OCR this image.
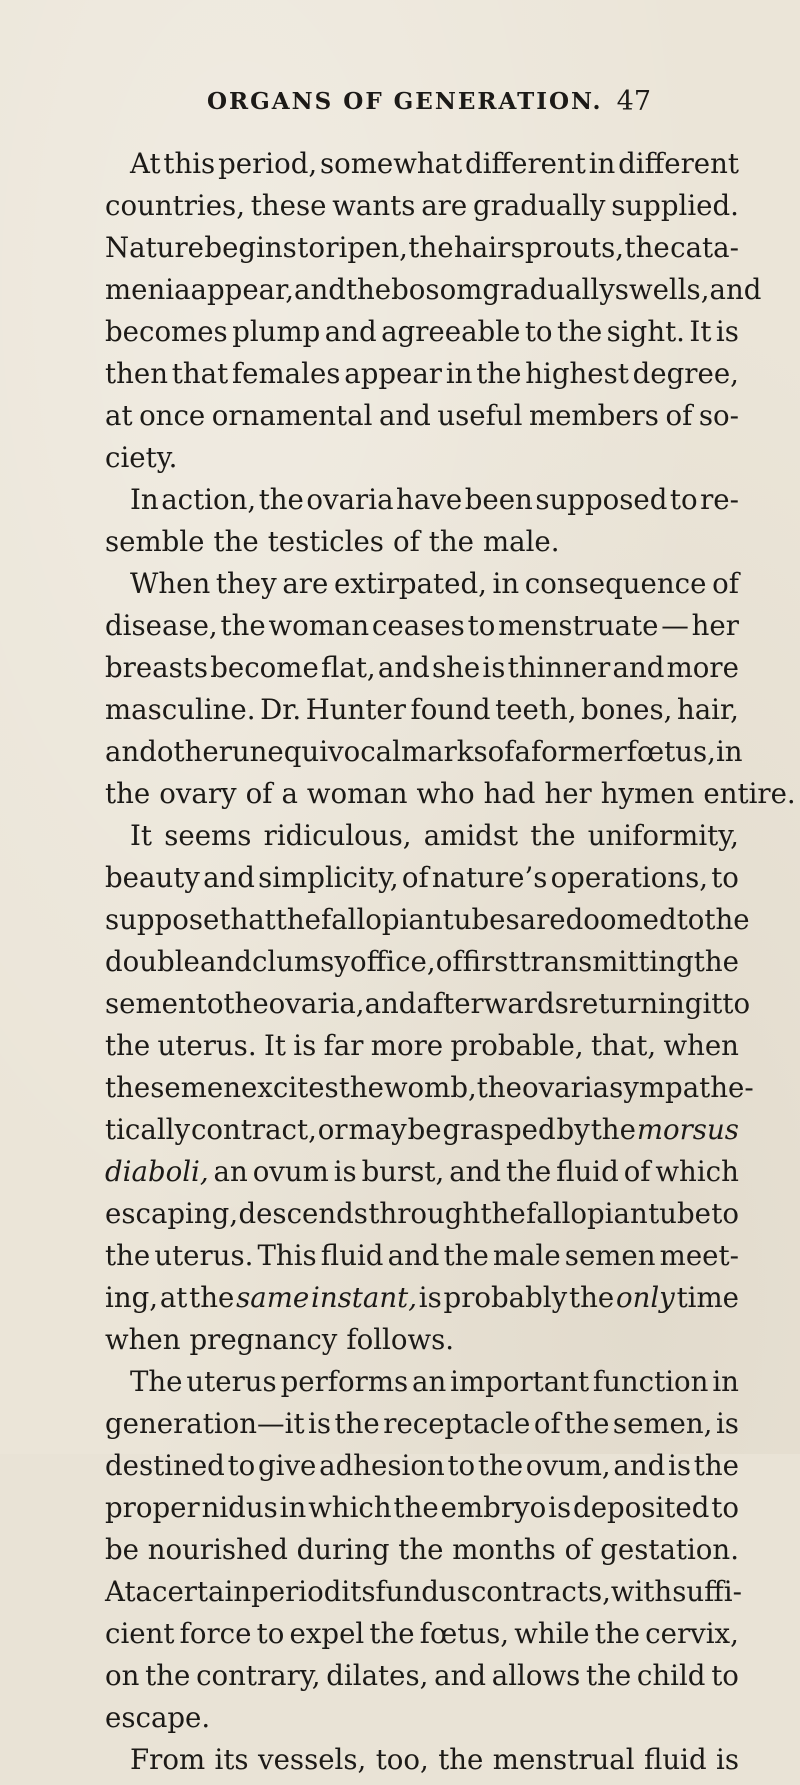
ORGANS OF GENERATION. 47
At this period, somewhat different in different
countries, these wants are gradually supplied.
Nature begins to ripen, the hair sprouts, the cata-
menia appear, and the bosom gradually swells, and
becomes plump and agreeable to the sight. It is
then that females appear in the highest degree,
at once ornamental and useful members of so-
ciety.
In action, the ovaria have been supposed to re-
semble the testicles of the male.
When they are extirpated, in consequence of
disease, the woman ceases to menstruate — her
breasts become flat, and she is thinner and more
masculine. Dr. Hunter found teeth, bones, hair,
and other unequivocal marks of a former fœtus, in
the ovary of a woman who had her hymen entire.
It seems ridiculous, amidst the uniformity,
beauty and simplicity, of nature’s operations, to
suppose that the fallopian tubes are doomed to the
double and clumsy office, of first transmitting the
semen to the ovaria, and afterwards returning it to
the uterus. It is far more probable, that, when
the semen excites the womb, the ovaria sympathe-
tically contract, or may be grasped by the morsus
diaboli, an ovum is burst, and the fluid of which
escaping, descends through the fallopian tube to
the uterus. This fluid and the male semen meet-
ing, at the same instant, is probably the only time
when pregnancy follows.
The uterus performs an important function in
generation—it is the receptacle of the semen, is
destined to give adhesion to the ovum, and is the
proper nidus in which the embryo is deposited to
be nourished during the months of gestation.
At a certain period its fundus contracts, with suffi-
cient force to expel the fœtus, while the cervix,
on the contrary, dilates, and allows the child to
escape.
From its vessels, too, the menstrual fluid is
